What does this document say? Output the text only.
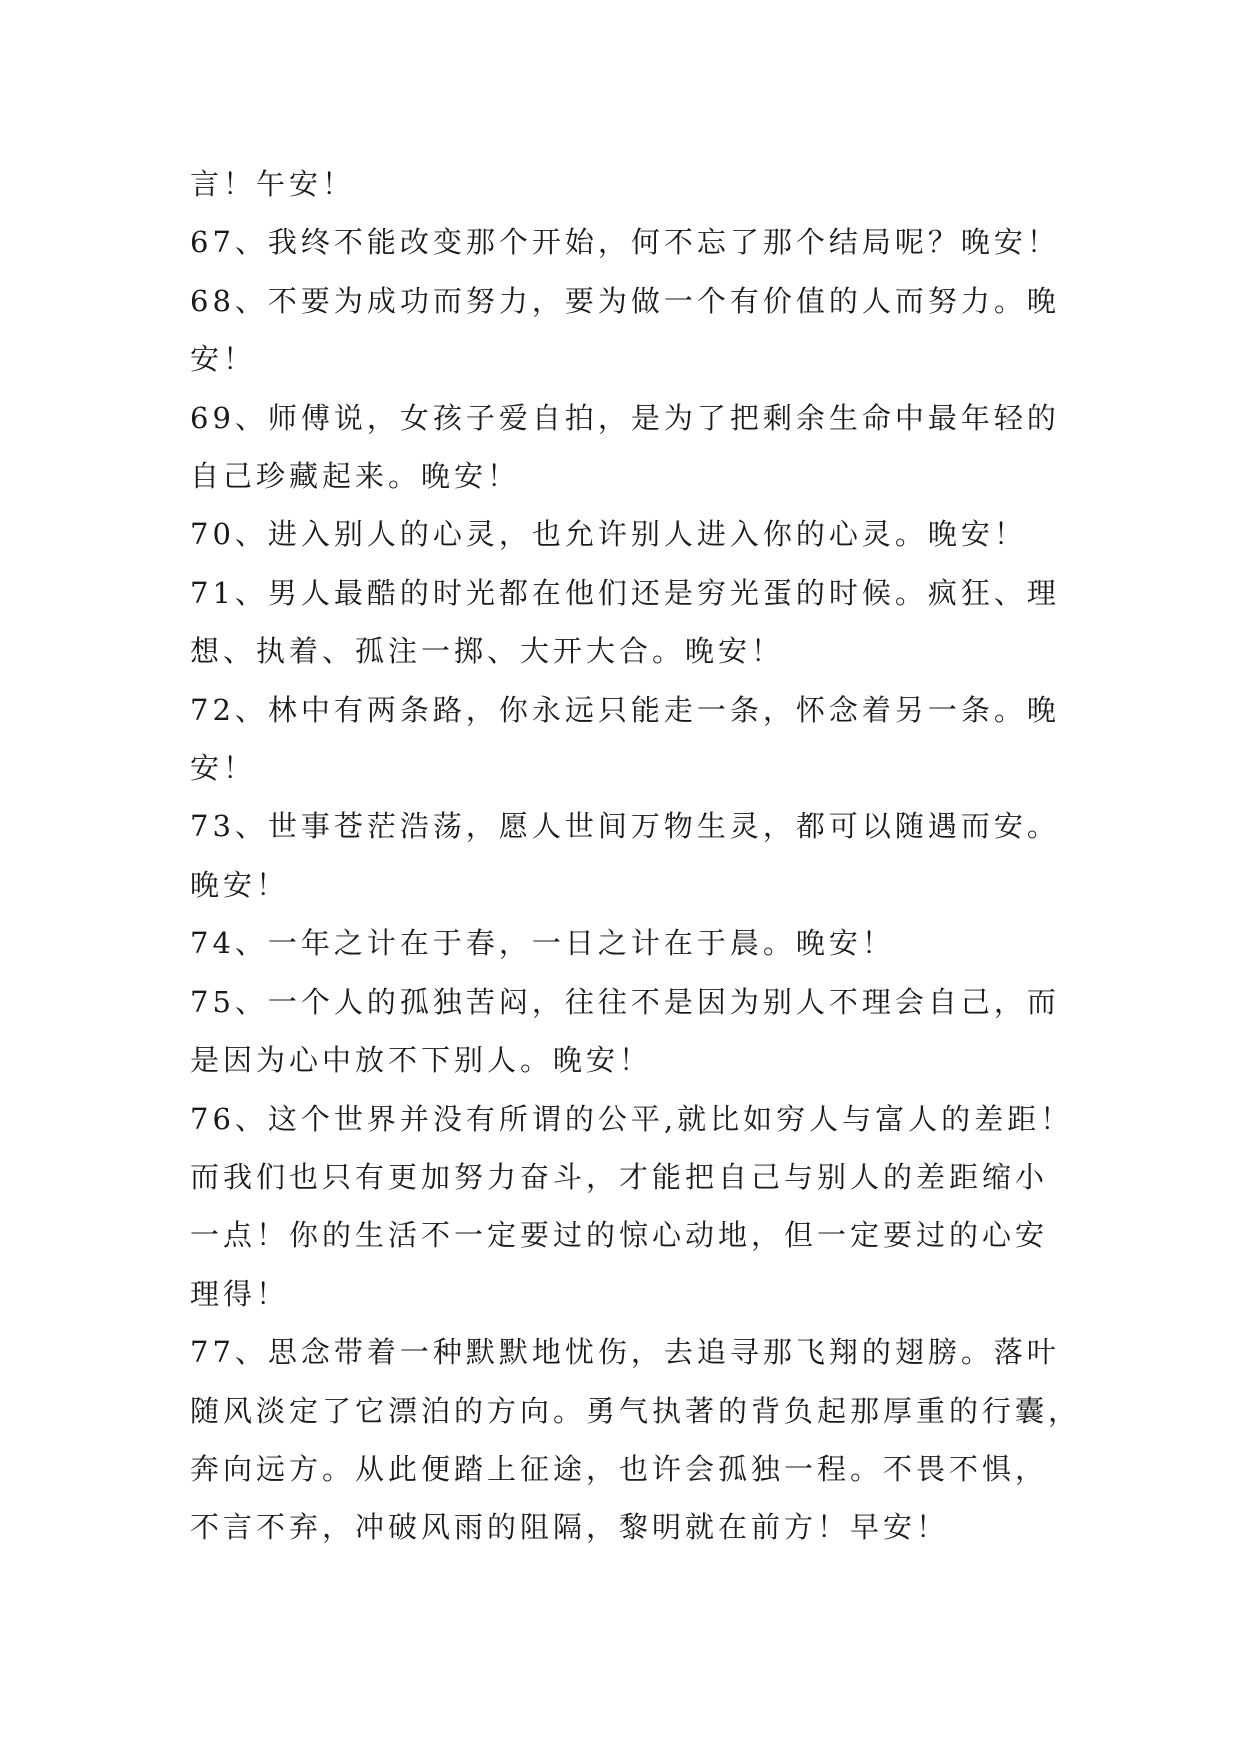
言！午安！
67、我终不能改变那个开始，何不忘了那个结局呢？晚安！
68、不要为成功而努力，要为做一个有价值的人而努力。晚
安！
69、师傅说，女孩子爱自拍，是为了把剩余生命中最年轻的
自己珍藏起来。晚安！
70、进入别人的心灵，也允许别人进入你的心灵。晚安！
71、男人最酷的时光都在他们还是穷光蛋的时候。疯狂、理
想、执着、孤注一掷、大开大合。晚安！
72、林中有两条路，你永远只能走一条，怀念着另一条。晚
安！
73、世事苍茫浩荡，愿人世间万物生灵，都可以随遇而安。
晚安！
74、一年之计在于春，一日之计在于晨。晚安！
75、一个人的孤独苦闷，往往不是因为别人不理会自己，而
是因为心中放不下别人。晚安！
76、这个世界并没有所谓的公平,就比如穷人与富人的差距！
而我们也只有更加努力奋斗，才能把自己与别人的差距缩小
一点！你的生活不一定要过的惊心动地，但一定要过的心安
理得！
77、思念带着一种默默地忧伤，去追寻那飞翔的翅膀。落叶
随风淡定了它漂泊的方向。勇气执著的背负起那厚重的行囊，
奔向远方。从此便踏上征途，也许会孤独一程。不畏不惧，
不言不弃，冲破风雨的阻隔，黎明就在前方！早安！
